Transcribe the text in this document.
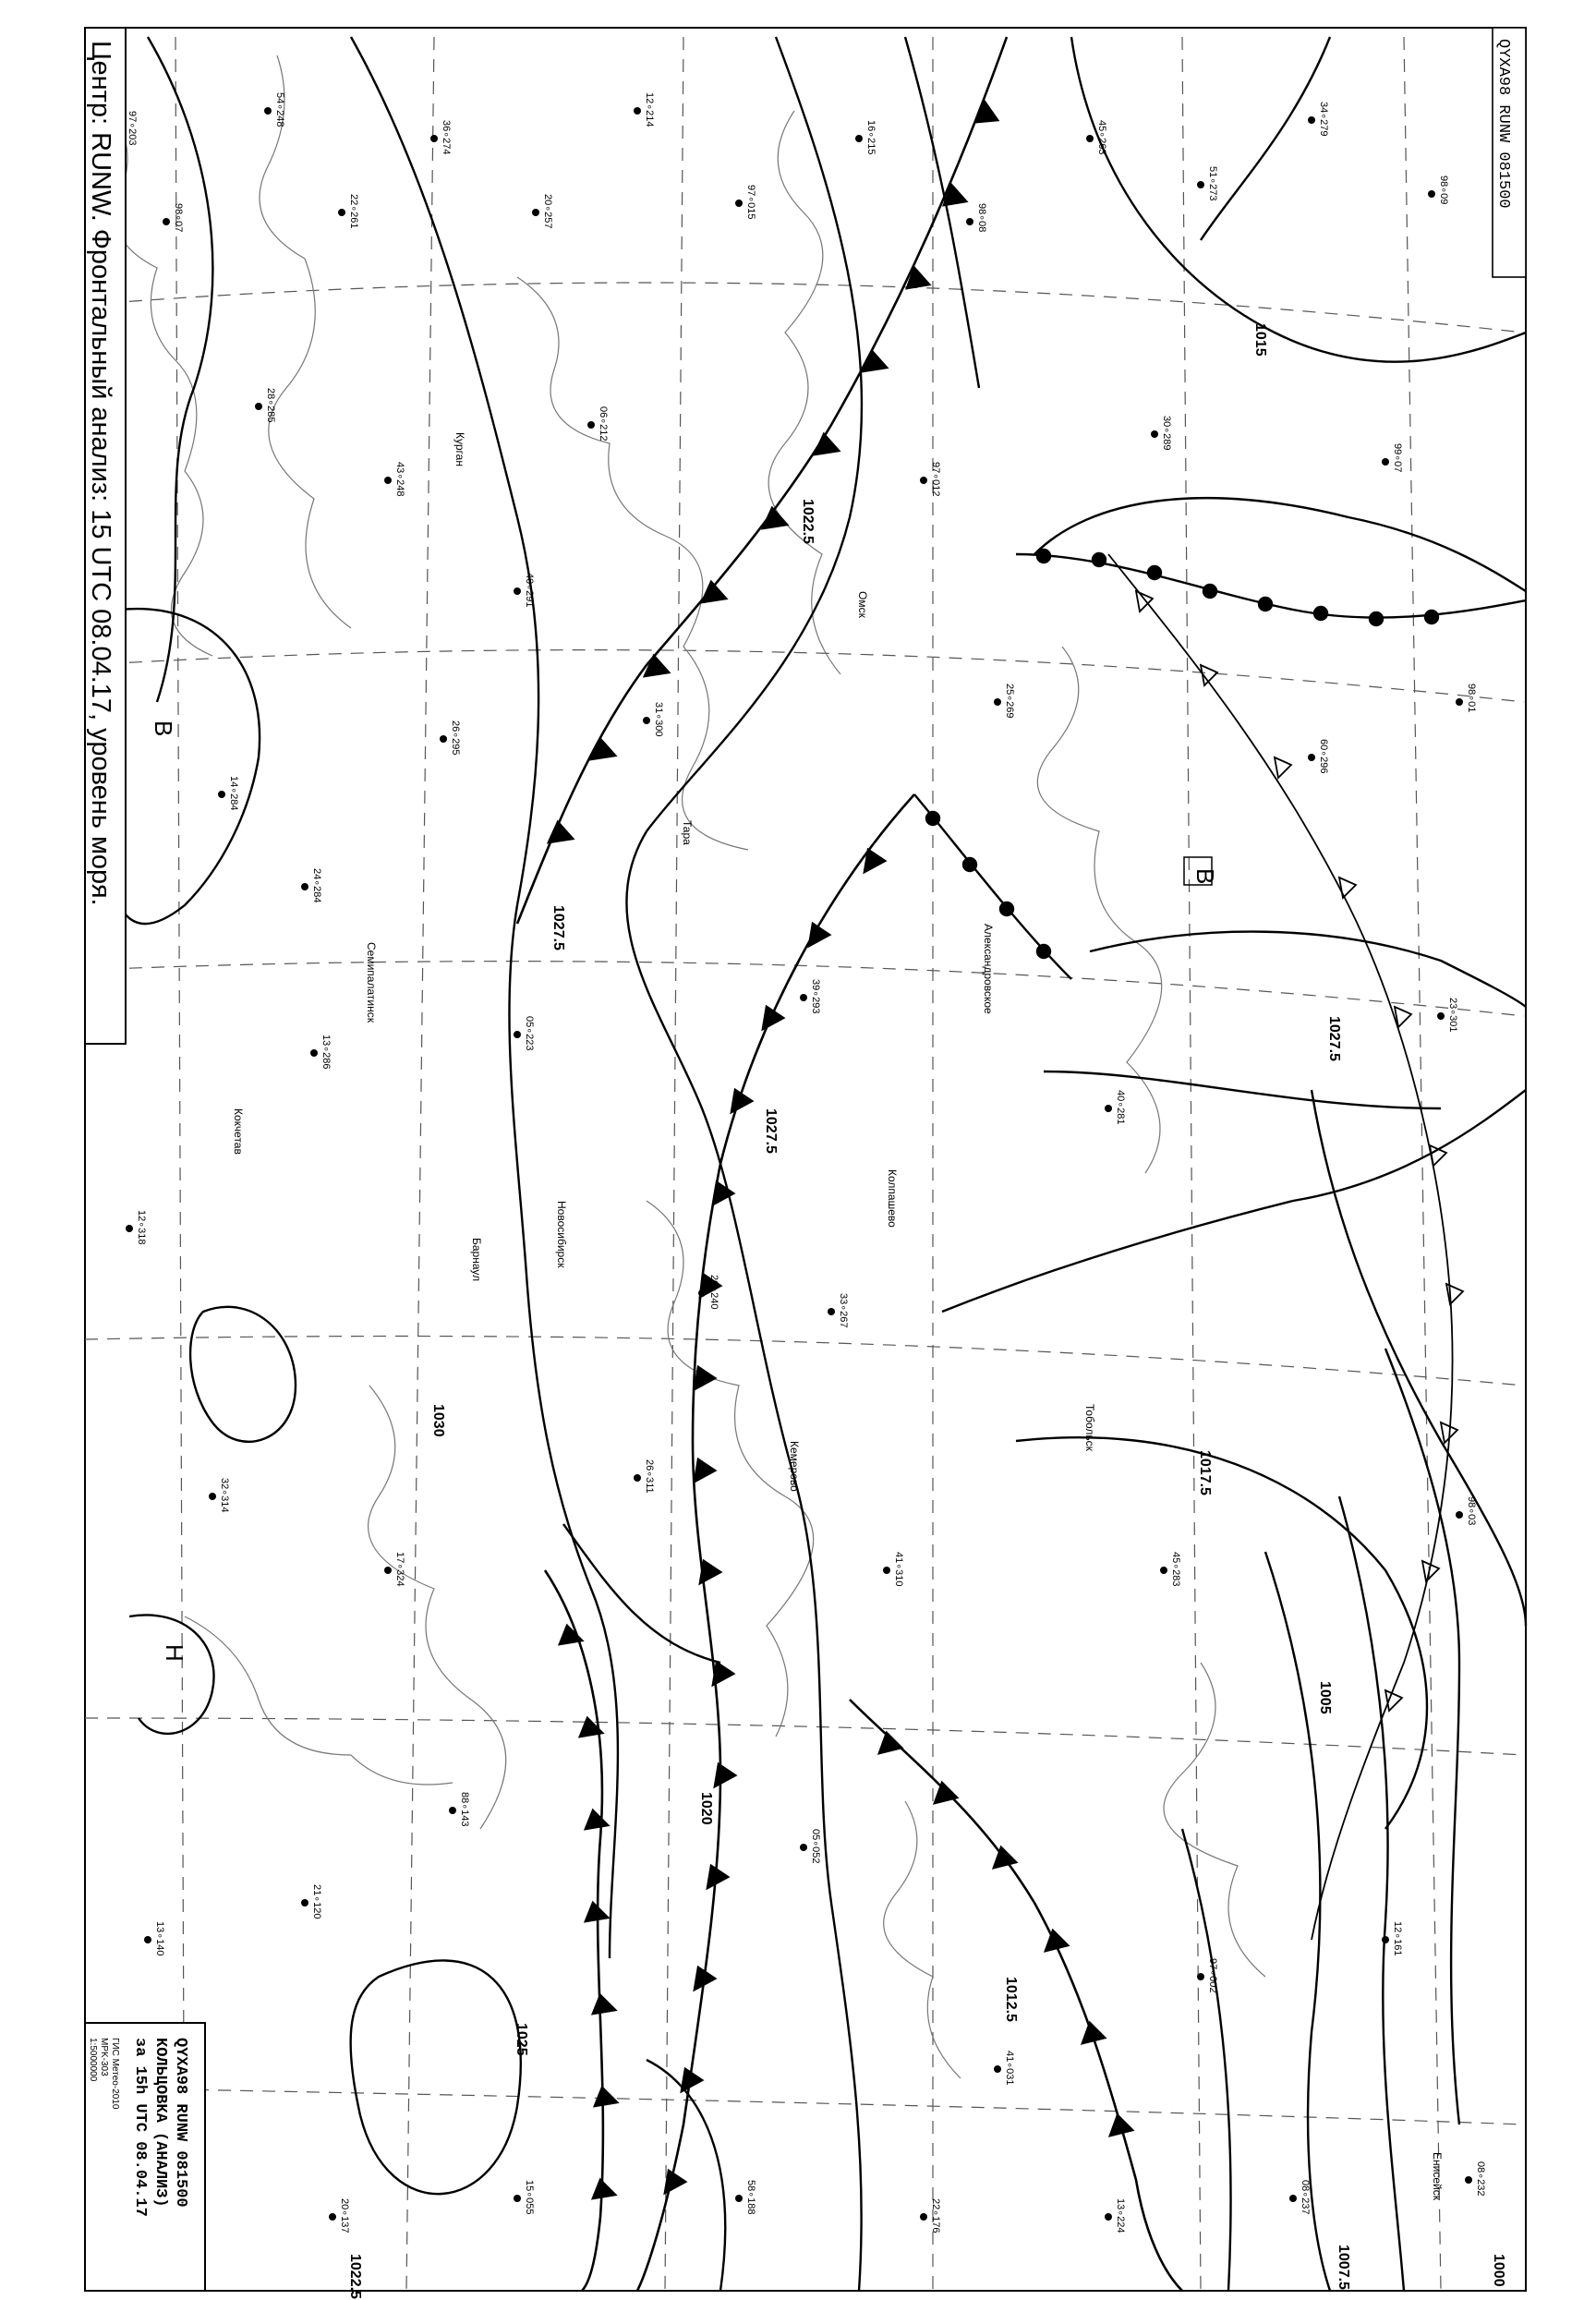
1015
1022.5
1027.5
1027.5
1027.5
1030
1025
1022.5
1020
1017.5
1012.5
1005
1007.5	1000
В
В
Н
Омск
Курган
Тара
Новосибирск
Барнаул
Александровское
Колпашево
Кемерово
Кокчетав
Семипалатинск
Тобольск
Енисейск
97∘203
98∘07
54∘248
22∘261
36∘274
20∘257
12∘214
97∘015
16∘215
98∘08
45∘263
51∘273
34∘279
98∘09
28∘285
43∘248
06∘212
97∘012
30∘289
99∘07
14∘284
26∘295
31∘300
25∘269
60∘296
98∘01
12∘318
13∘286
05∘223
39∘293
40∘281
23∘301
32∘314
17∘324
26∘311
41∘310	45∘283
98∘03
13∘140
21∘120
88∘143
05∘052
41∘031
97∘002
12∘161
20∘137
15∘055	58∘188
22∘176	13∘224
08∘237
08∘232
20∘240
33∘267
40∘291
24∘284
Центр: RUNW. Фронтальный анализ: 15 UTC 08.04.17, уровень моря.	QYXA98 RUNW 081500
QYXA98 RUNW 081500
КОЛЬЦОВКА (АНАЛИЗ)
за 15h UTC 08.04.17
ГИС Метео-2010
MPK-303
1:5000000
